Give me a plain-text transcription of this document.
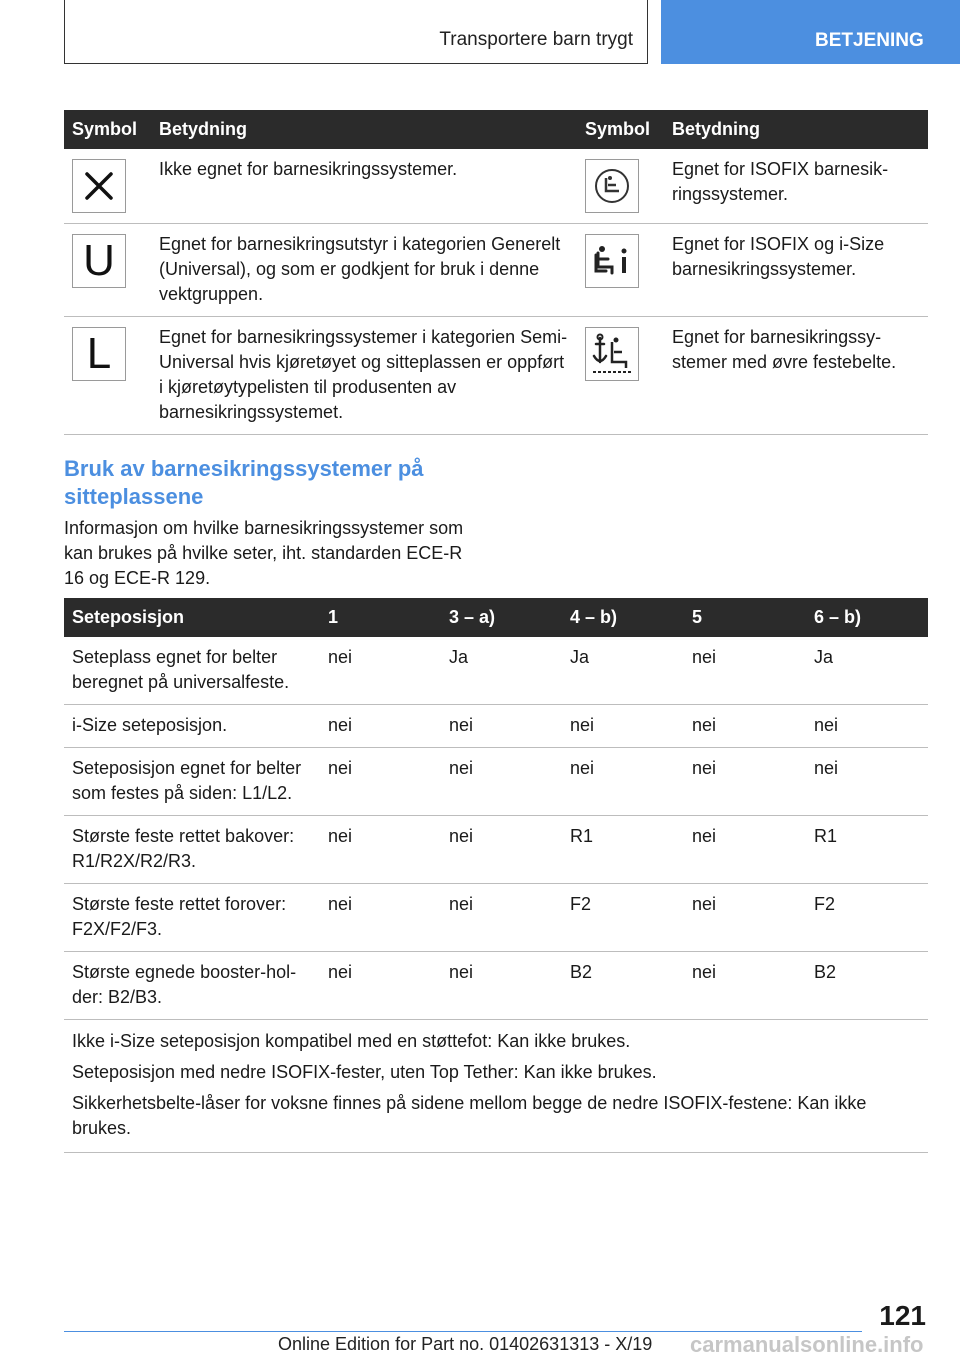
Transportere barn trygt	BETJENING
Symbol	Betydning	Symbol	Betydning

	Ikke egnet for barnesikringssystemer.		Egnet for ISOFIX barnesikringssystemer.

U	Egnet for barnesikringsutstyr i kategorien Generelt (Universal), og som er godkjent for bruk i denne vektgruppen.		Egnet for ISOFIX og i-Size barnesikringssystemer.

L	Egnet for barnesikringssystemer i kategorien Semi-Universal hvis kjøretøyet og sitteplassen er oppført i kjøretøytypelisten til produsenten av barnesikringssystemet.		Egnet for barnesikringssystemer med øvre festebelte.
Bruk av barnesikringssystemer på sitteplassene

Informasjon om hvilke barnesikringssystemer som kan brukes på hvilke seter, iht. standarden ECE-R 16 og ECE-R 129.

Seteposisjon	1	3 – a)	4 – b)	5	6 – b)
Seteplass egnet for belter beregnet på universalfeste.	nei	Ja	Ja	nei	Ja
i-Size seteposisjon.	nei	nei	nei	nei	nei
Seteposisjon egnet for belter som festes på siden: L1/L2.	nei	nei	nei	nei	nei
Største feste rettet bakover: R1/R2X/R2/R3.	nei	nei	R1	nei	R1
Største feste rettet forover: F2X/F2/F3.	nei	nei	F2	nei	F2
Største egnede booster-holder: B2/B3.	nei	nei	B2	nei	B2

Ikke i-Size seteposisjon kompatibel med en støttefot: Kan ikke brukes.

Seteposisjon med nedre ISOFIX-fester, uten Top Tether: Kan ikke brukes.

Sikkerhetsbelte-låser for voksne finnes på sidene mellom begge de nedre ISOFIX-festene: Kan ikke brukes.					

121
Online Edition for Part no. 01402631313 - X/19 carmanualsonline.info
